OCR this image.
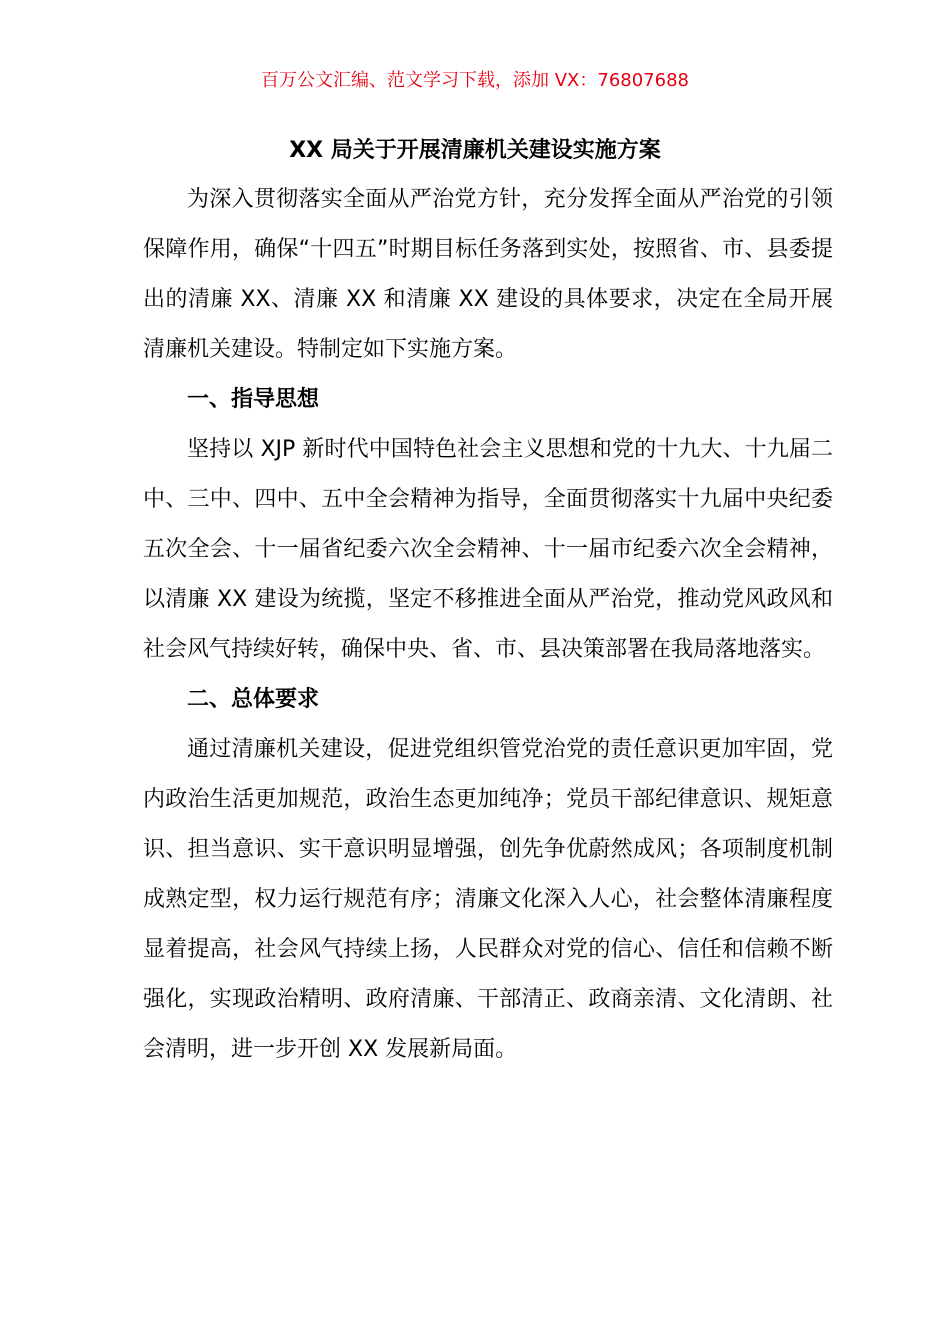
百万公文汇编、范文学习下载，添加 VX：76807688
XX 局关于开展清廉机关建设实施方案

为深入贯彻落实全面从严治党方针，充分发挥全面从严治党的引领保障作用，确保“十四五”时期目标任务落到实处，按照省、市、县委提出的清廉 XX、清廉 XX 和清廉 XX 建设的具体要求，决定在全局开展清廉机关建设。特制定如下实施方案。

一、指导思想

坚持以 XJP 新时代中国特色社会主义思想和党的十九大、十九届二中、三中、四中、五中全会精神为指导，全面贯彻落实十九届中央纪委五次全会、十一届省纪委六次全会精神、十一届市纪委六次全会精神，以清廉 XX 建设为统揽，坚定不移推进全面从严治党，推动党风政风和社会风气持续好转，确保中央、省、市、县决策部署在我局落地落实。

二、总体要求

通过清廉机关建设，促进党组织管党治党的责任意识更加牢固，党内政治生活更加规范，政治生态更加纯净；党员干部纪律意识、规矩意识、担当意识、实干意识明显增强，创先争优蔚然成风；各项制度机制成熟定型，权力运行规范有序；清廉文化深入人心，社会整体清廉程度显着提高，社会风气持续上扬，人民群众对党的信心、信任和信赖不断强化，实现政治精明、政府清廉、干部清正、政商亲清、文化清朗、社会清明，进一步开创 XX 发展新局面。
